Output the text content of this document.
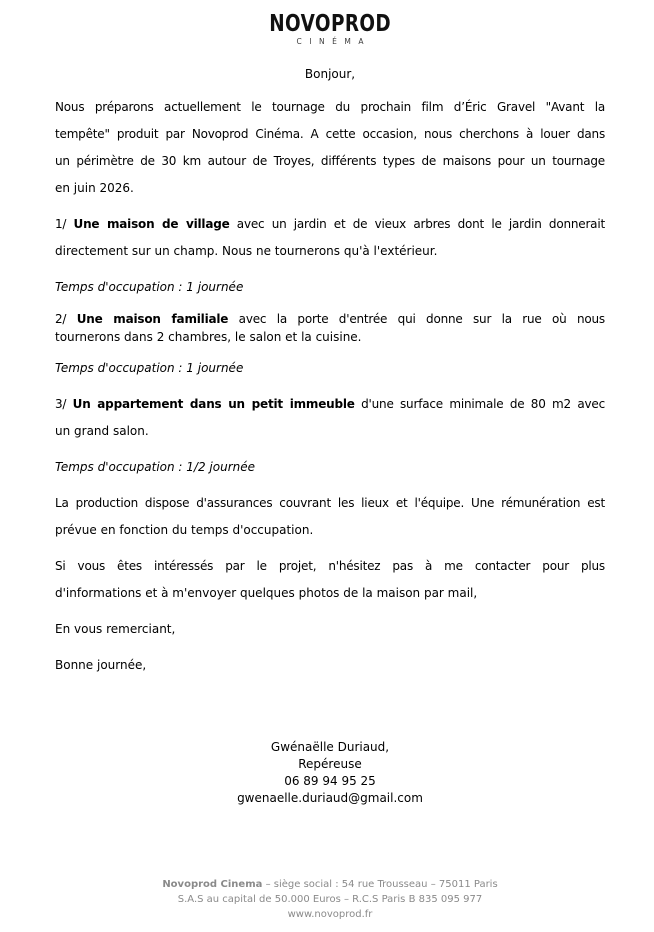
NOVOPROD
CINÉMA
Bonjour,
Nous préparons actuellement le tournage du prochain film d’Éric Gravel "Avant la
tempête" produit par Novoprod Cinéma. A cette occasion, nous cherchons à louer dans
un périmètre de 30 km autour de Troyes, différents types de maisons pour un tournage
en juin 2026.
1/ Une maison de village avec un jardin et de vieux arbres dont le jardin donnerait
directement sur un champ. Nous ne tournerons qu'à l'extérieur.
Temps d'occupation : 1 journée
2/ Une maison familiale avec la porte d'entrée qui donne sur la rue où nous
tournerons dans 2 chambres, le salon et la cuisine.
Temps d'occupation : 1 journée
3/ Un appartement dans un petit immeuble d'une surface minimale de 80 m2 avec
un grand salon.
Temps d'occupation : 1/2 journée
La production dispose d'assurances couvrant les lieux et l'équipe. Une rémunération est
prévue en fonction du temps d'occupation.
Si vous êtes intéressés par le projet, n'hésitez pas à me contacter pour plus
d'informations et à m'envoyer quelques photos de la maison par mail,
En vous remerciant,
Bonne journée,
Gwénaëlle Duriaud,
Repéreuse
06 89 94 95 25
gwenaelle.duriaud@gmail.com
Novoprod Cinema – siège social : 54 rue Trousseau – 75011 Paris
S.A.S au capital de 50.000 Euros – R.C.S Paris B 835 095 977
www.novoprod.fr
